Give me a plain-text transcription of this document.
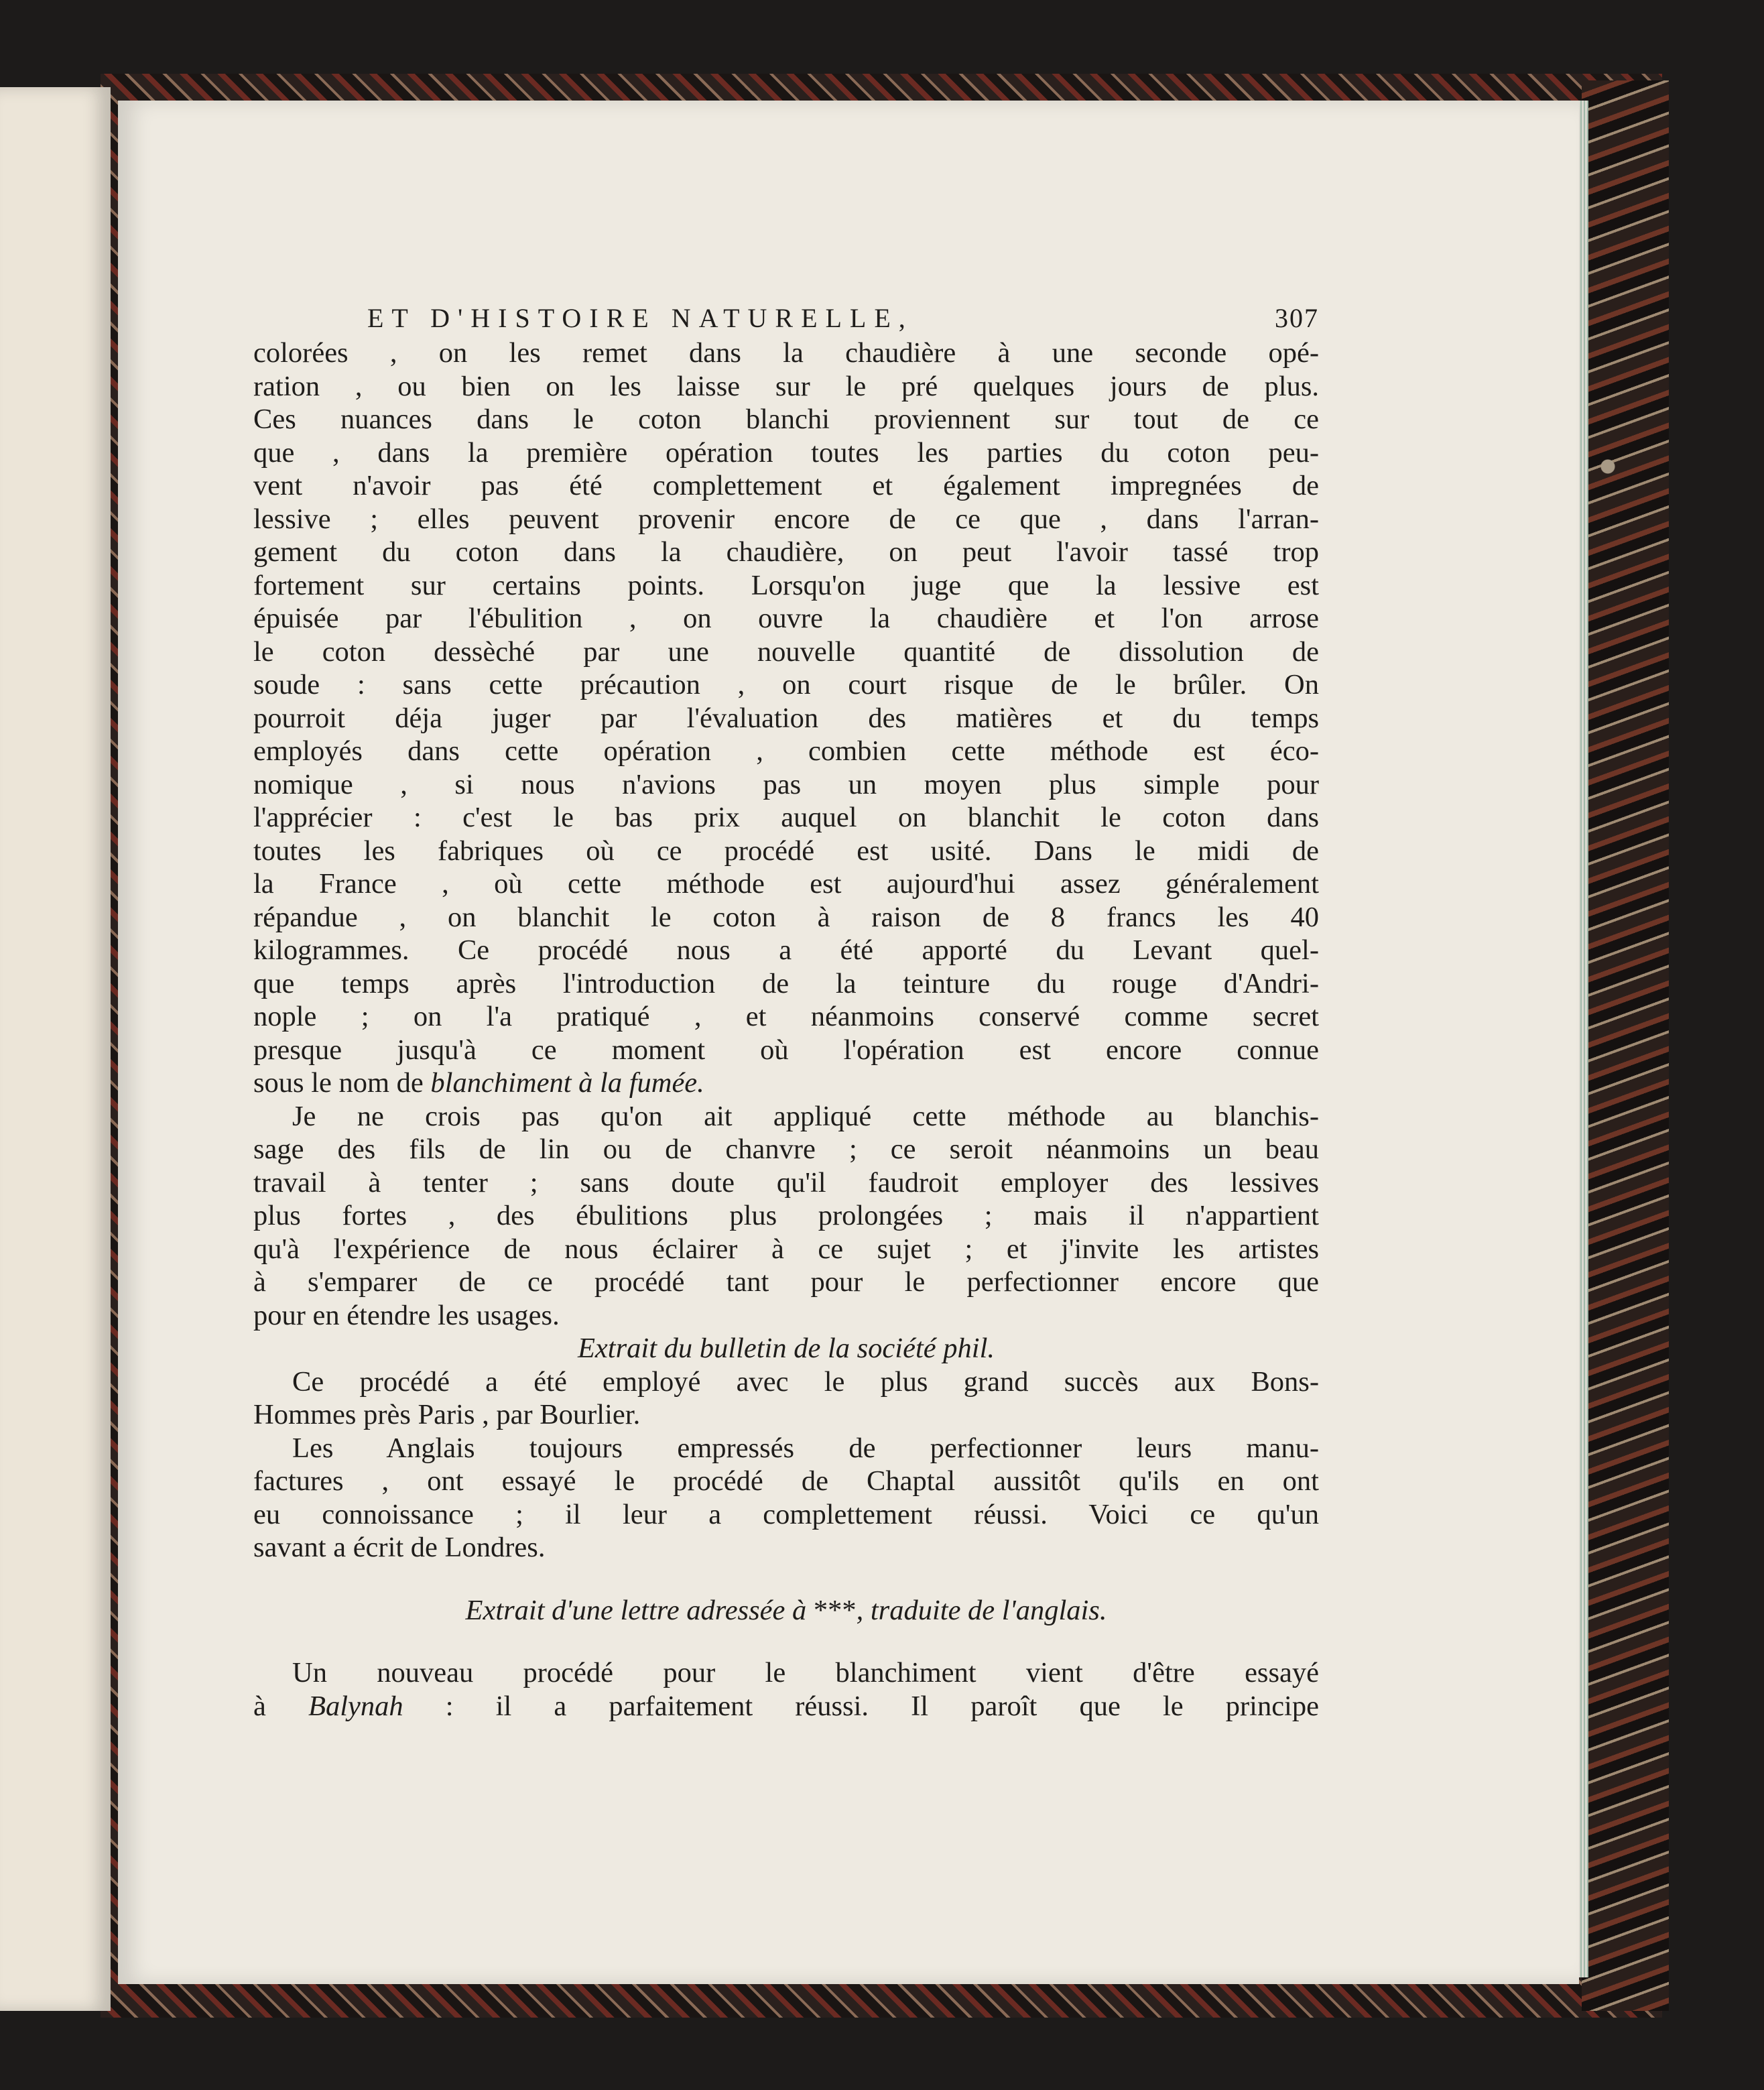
ET D'HISTOIRE NATURELLE,	307
colorées , on les remet dans la chaudière à une seconde opé-
ration , ou bien on les laisse sur le pré quelques jours de plus.
Ces nuances dans le coton blanchi proviennent sur tout de ce
que , dans la première opération toutes les parties du coton peu-
vent n'avoir pas été complettement et également impregnées de
lessive ; elles peuvent provenir encore de ce que , dans l'arran-
gement du coton dans la chaudière, on peut l'avoir tassé trop
fortement sur certains points. Lorsqu'on juge que la lessive est
épuisée par l'ébulition , on ouvre la chaudière et l'on arrose
le coton dessèché par une nouvelle quantité de dissolution de
soude : sans cette précaution , on court risque de le brûler. On
pourroit déja juger par l'évaluation des matières et du temps
employés dans cette opération , combien cette méthode est éco-
nomique , si nous n'avions pas un moyen plus simple pour
l'apprécier : c'est le bas prix auquel on blanchit le coton dans
toutes les fabriques où ce procédé est usité. Dans le midi de
la France , où cette méthode est aujourd'hui assez généralement
répandue , on blanchit le coton à raison de 8 francs les 40
kilogrammes. Ce procédé nous a été apporté du Levant quel-
que temps après l'introduction de la teinture du rouge d'Andri-
nople ; on l'a pratiqué , et néanmoins conservé comme secret
presque jusqu'à ce moment où l'opération est encore connue
sous le nom de blanchiment à la fumée.
Je ne crois pas qu'on ait appliqué cette méthode au blanchis-
sage des fils de lin ou de chanvre ; ce seroit néanmoins un beau
travail à tenter ; sans doute qu'il faudroit employer des lessives
plus fortes , des ébulitions plus prolongées ; mais il n'appartient
qu'à l'expérience de nous éclairer à ce sujet ; et j'invite les artistes
à s'emparer de ce procédé tant pour le perfectionner encore que
pour en étendre les usages.
Extrait du bulletin de la société phil.
Ce procédé a été employé avec le plus grand succès aux Bons-
Hommes près Paris , par Bourlier.
Les Anglais toujours empressés de perfectionner leurs manu-
factures , ont essayé le procédé de Chaptal aussitôt qu'ils en ont
eu connoissance ; il leur a complettement réussi. Voici ce qu'un
savant a écrit de Londres.
Extrait d'une lettre adressée à ***, traduite de l'anglais.
Un nouveau procédé pour le blanchiment vient d'être essayé
à Balynah : il a parfaitement réussi. Il paroît que le principe
